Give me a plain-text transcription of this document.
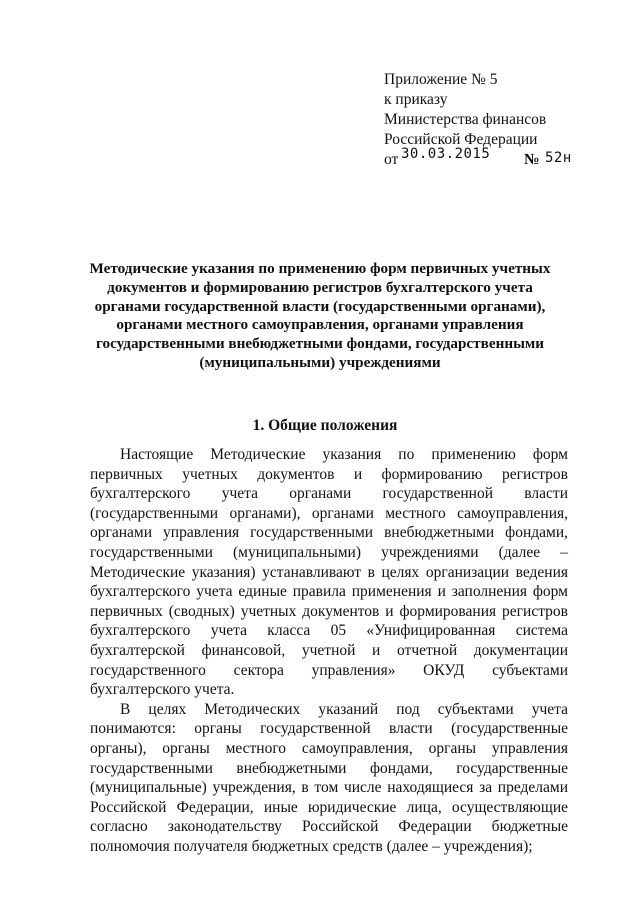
Приложение № 5
к приказу
Министерства финансов
Российской Федерации
от 30.03.2015 № 52н
Методические указания по применению форм первичных учетных документов и формированию регистров бухгалтерского учета органами государственной власти (государственными органами), органами местного самоуправления, органами управления государственными внебюджетными фондами, государственными (муниципальными) учреждениями
1. Общие положения

Настоящие Методические указания по применению форм первичных учетных документов и формированию регистров бухгалтерского учета органами государственной власти (государственными органами), органами местного самоуправления, органами управления государственными внебюджетными фондами, государственными (муниципальными) учреждениями (далее – Методические указания) устанавливают в целях организации ведения бухгалтерского учета единые правила применения и заполнения форм первичных (сводных) учетных документов и формирования регистров бухгалтерского учета класса 05 «Унифицированная система бухгалтерской финансовой, учетной и отчетной документации государственного сектора управления» ОКУД субъектами бухгалтерского учета.

В целях Методических указаний под субъектами учета понимаются: органы государственной власти (государственные органы), органы местного самоуправления, органы управления государственными внебюджетными фондами, государственные (муниципальные) учреждения, в том числе находящиеся за пределами Российской Федерации, иные юридические лица, осуществляющие согласно законодательству Российской Федерации бюджетные полномочия получателя бюджетных средств (далее – учреждения);
